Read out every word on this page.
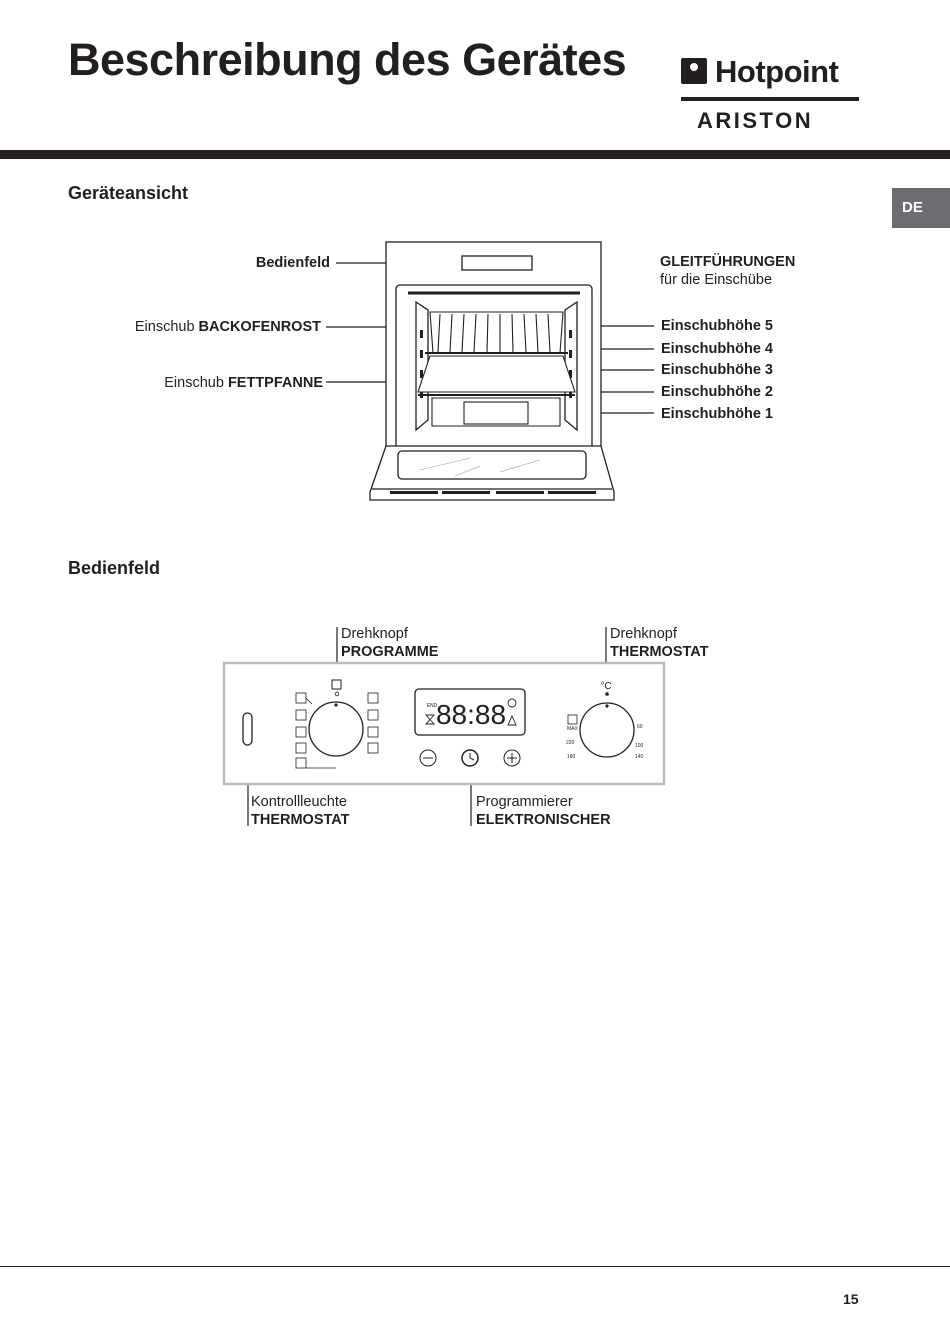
Beschreibung des Gerätes	Hotpoint
ARISTON
DE
Geräteansicht
Bedienfeld
Einschub BACKOFENROST
Einschub FETTPFANNE
GLEITFÜHRUNGEN
für die Einschübe
Einschubhöhe 5
Einschubhöhe 4
Einschubhöhe 3
Einschubhöhe 2
Einschubhöhe 1
Bedienfeld
END
88:88
°C
MAX
220
180
60
100
140
Drehknopf
PROGRAMME
Drehknopf
THERMOSTAT
Kontrollleuchte
THERMOSTAT
Programmierer
ELEKTRONISCHER
15
